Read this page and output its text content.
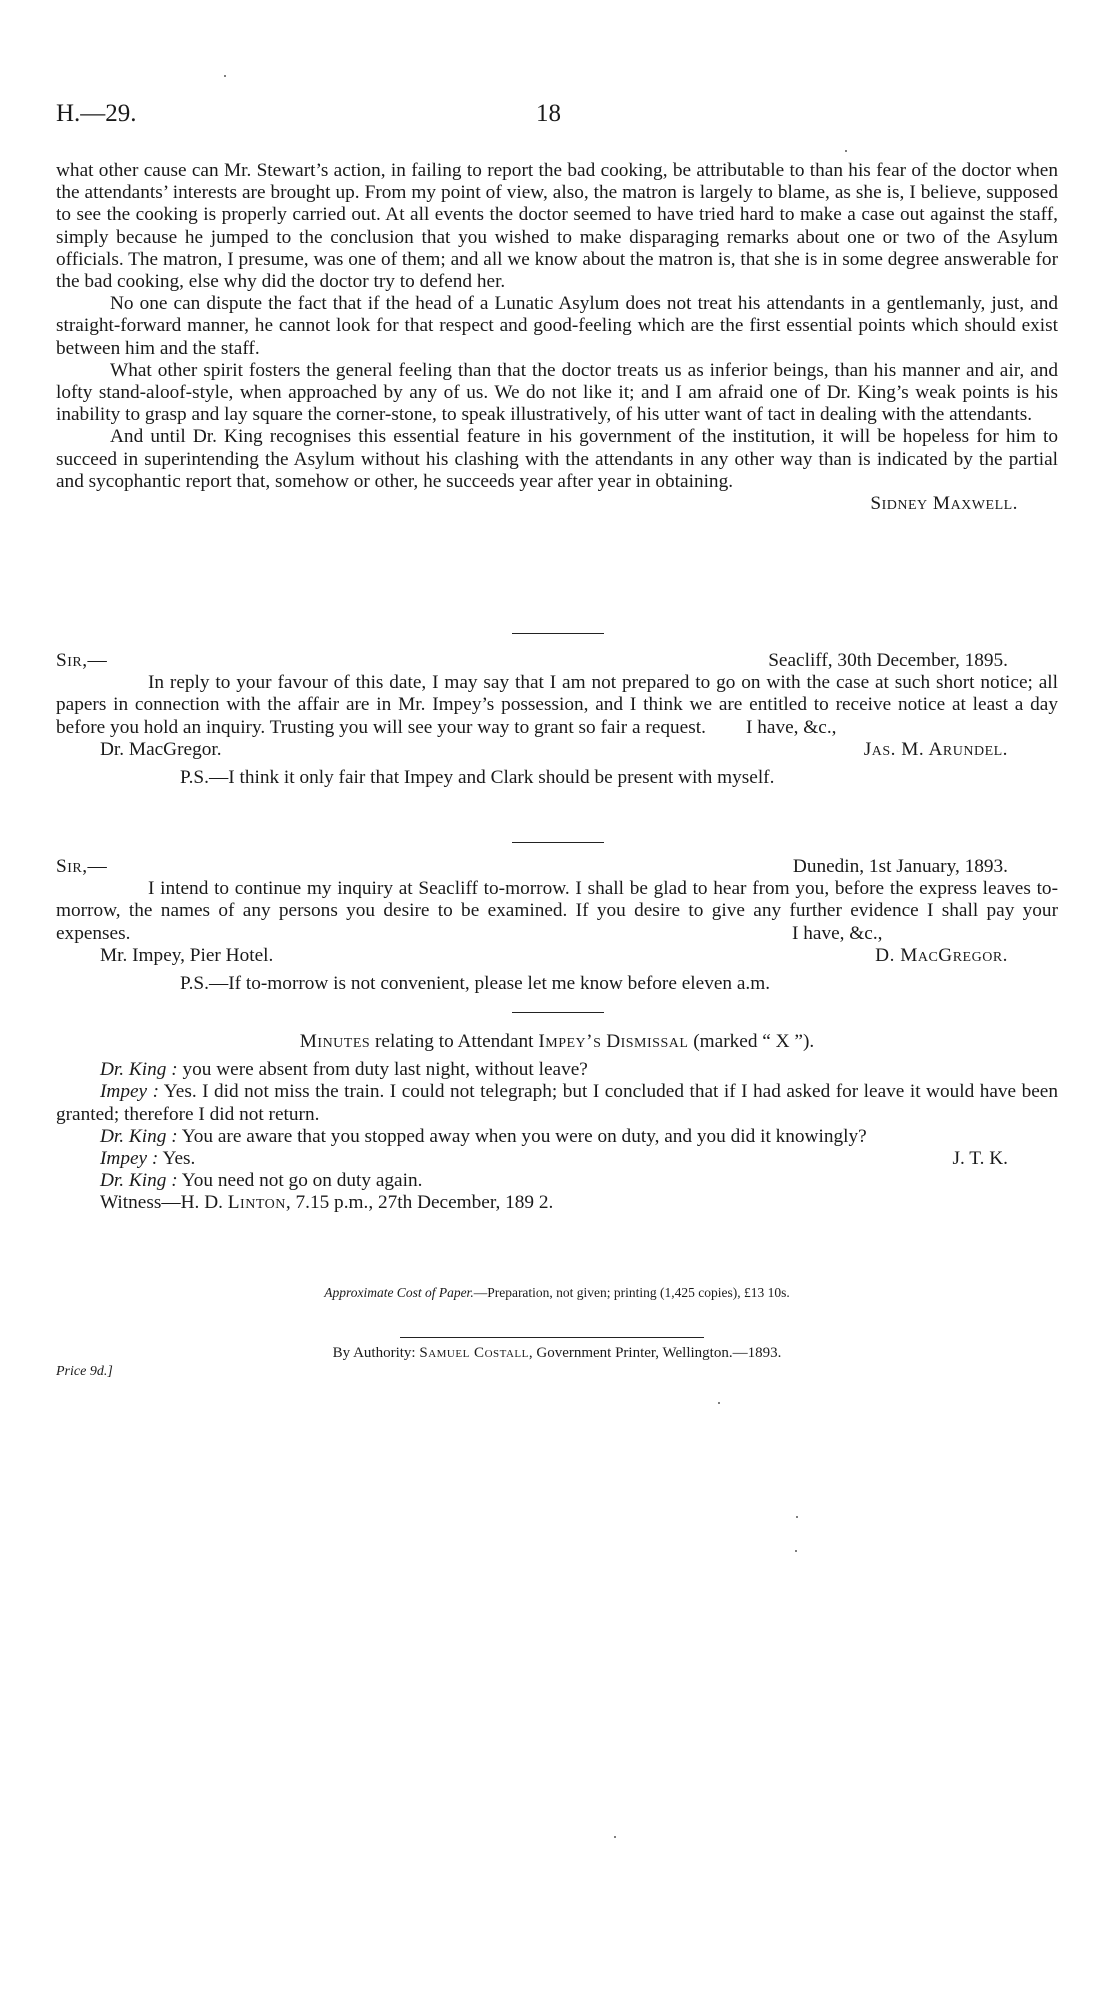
H.—29.	18

what other cause can Mr. Stewart’s action, in failing to report the bad cooking, be attributable to than his fear of the doctor when the attendants’ interests are brought up. From my point of view, also, the matron is largely to blame, as she is, I believe, supposed to see the cooking is properly carried out. At all events the doctor seemed to have tried hard to make a case out against the staff, simply because he jumped to the conclusion that you wished to make disparaging remarks about one or two of the Asylum officials. The matron, I presume, was one of them; and all we know about the matron is, that she is in some degree answerable for the bad cooking, else why did the doctor try to defend her.

No one can dispute the fact that if the head of a Lunatic Asylum does not treat his attendants in a gentlemanly, just, and straight-forward manner, he cannot look for that respect and good-feeling which are the first essential points which should exist between him and the staff.

What other spirit fosters the general feeling than that the doctor treats us as inferior beings, than his manner and air, and lofty stand-aloof-style, when approached by any of us. We do not like it; and I am afraid one of Dr. King’s weak points is his inability to grasp and lay square the corner-stone, to speak illustratively, of his utter want of tact in dealing with the attendants.

And until Dr. King recognises this essential feature in his government of the institution, it will be hopeless for him to succeed in superintending the Asylum without his clashing with the attendants in any other way than is indicated by the partial and sycophantic report that, somehow or other, he succeeds year after year in obtaining.

Sidney Maxwell.

Sir,—	Seacliff, 30th December, 1895.

In reply to your favour of this date, I may say that I am not prepared to go on with the case at such short notice; all papers in connection with the affair are in Mr. Impey’s possession, and I think we are entitled to receive notice at least a day before you hold an inquiry. Trusting you will see your way to grant so fair a request.	I have, &c.,
Dr. MacGregor.	Jas. M. Arundel.

P.S.—I think it only fair that Impey and Clark should be present with myself.

Sir,—	Dunedin, 1st January, 1893.

I intend to continue my inquiry at Seacliff to-morrow. I shall be glad to hear from you, before the express leaves to-morrow, the names of any persons you desire to be examined. If you desire to give any further evidence I shall pay your expenses.	I have, &c.,
Mr. Impey, Pier Hotel.	D. MacGregor.

P.S.—If to-morrow is not convenient, please let me know before eleven a.m.

Minutes relating to Attendant Impey’s Dismissal (marked “ X ”).

Dr. King : you were absent from duty last night, without leave?

Impey : Yes. I did not miss the train. I could not telegraph; but I concluded that if I had asked for leave it would have been granted; therefore I did not return.

Dr. King : You are aware that you stopped away when you were on duty, and you did it knowingly?

Impey : Yes.	J. T. K.

Dr. King : You need not go on duty again.

Witness—H. D. Linton, 7.15 p.m., 27th December, 189 2.

Approximate Cost of Paper.—Preparation, not given; printing (1,425 copies), £13 10s.
By Authority: Samuel Costall, Government Printer, Wellington.—1893.
Price 9d.]
